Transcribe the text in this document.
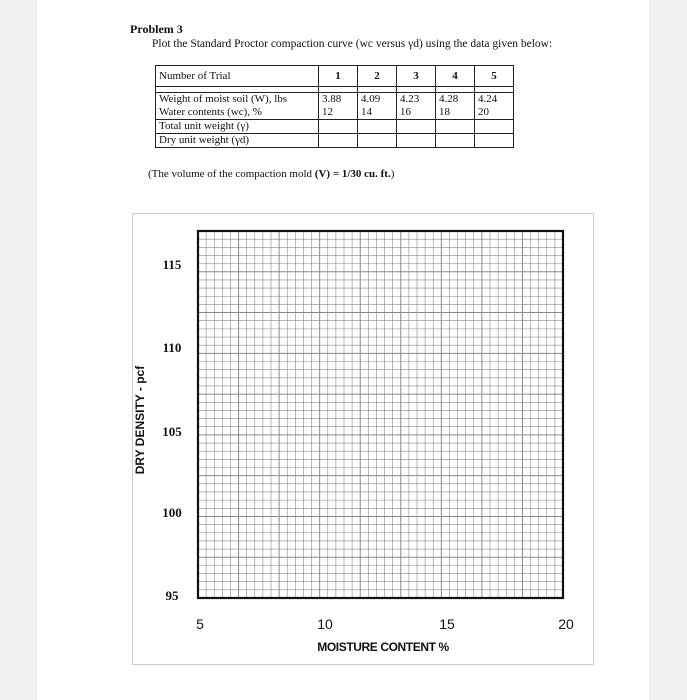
Problem 3
Plot the Standard Proctor compaction curve (wc versus γd) using the data given below:
Number of Trial	1	2	3	4	5

Weight of moist soil (W), lbs	3.88	4.09	4.23	4.28	4.24
Water contents (wc), %	12	14	16	18	20
Total unit weight (γ)					
Dry unit weight (γd)					
(The volume of the compaction mold (V) = 1/30 cu. ft.)
DRY DENSITY - pcf
MOISTURE CONTENT %
115
110
105
100
95
5	10	15	20
